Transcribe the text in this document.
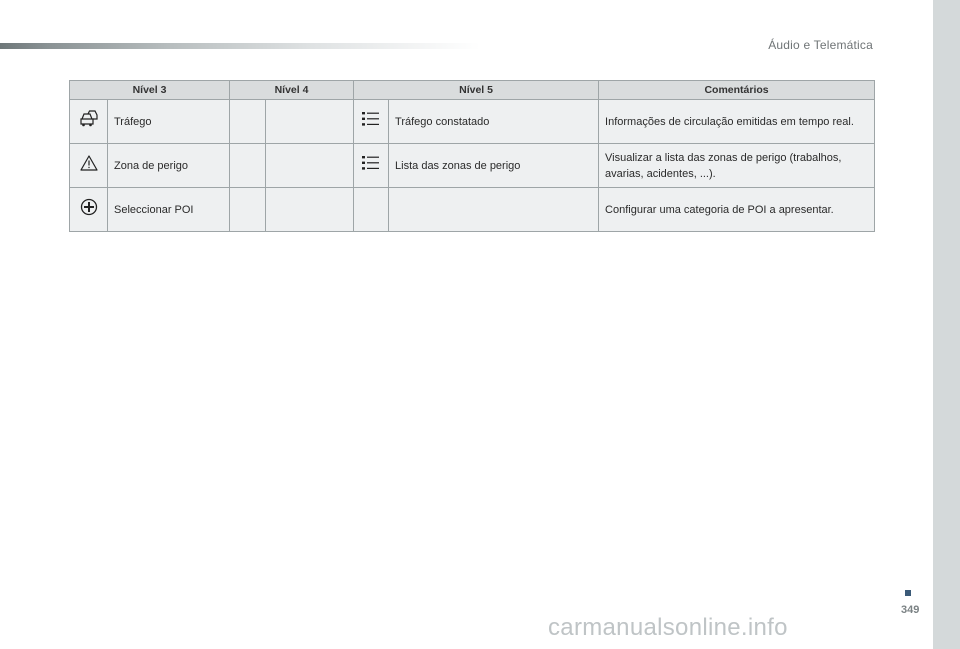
Áudio e Telemática
Nível 3		Nível 4		Nível 5		Comentários
	Tráfego				Tráfego constatado	Informações de circulação emitidas em tempo real.
	Zona de perigo				Lista das zonas de perigo	Visualizar a lista das zonas de perigo (trabalhos, avarias, acidentes, ...).
	Seleccionar POI					Configurar uma categoria de POI a apresentar.
349
carmanualsonline.info
